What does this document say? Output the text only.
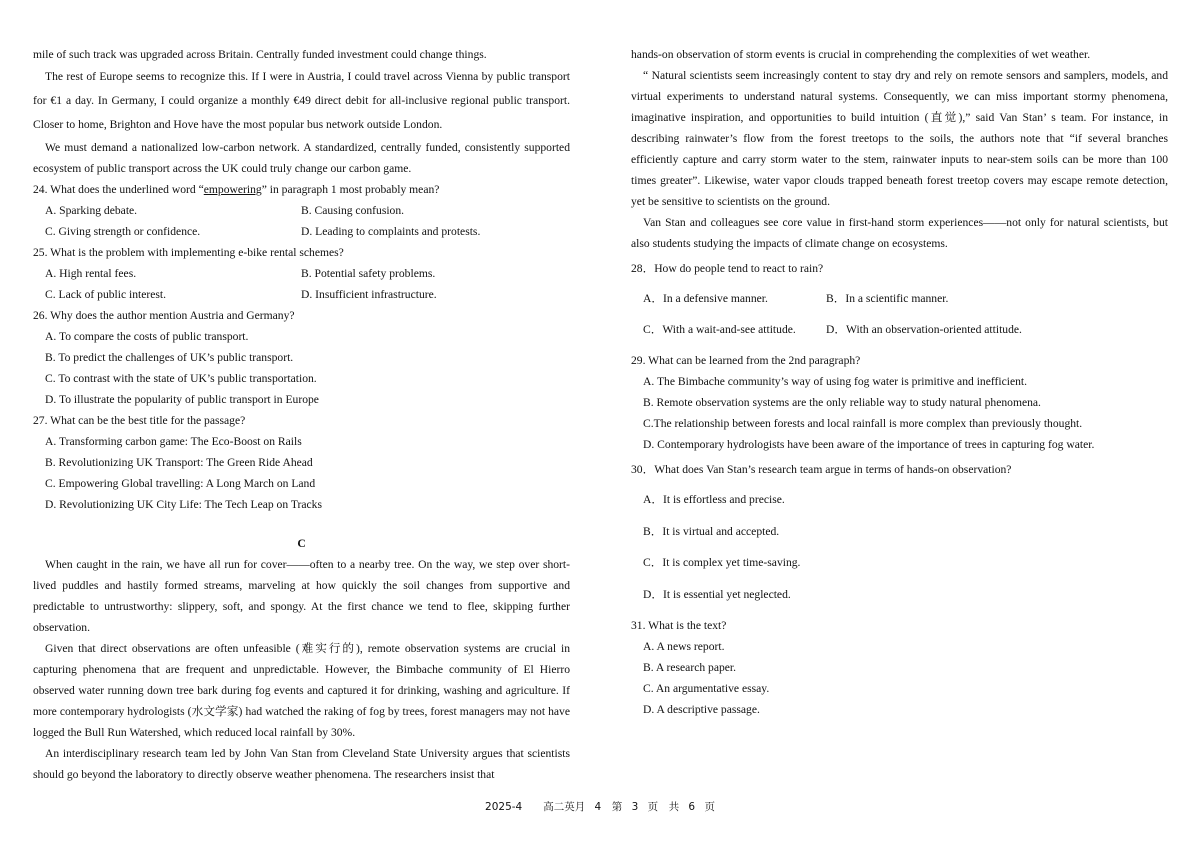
mile of such track was upgraded across Britain. Centrally funded investment could change things.

The rest of Europe seems to recognize this. If I were in Austria, I could travel across Vienna by public transport for €1 a day. In Germany, I could organize a monthly €49 direct debit for all-inclusive regional public transport. Closer to home, Brighton and Hove have the most popular bus network outside London.

We must demand a nationalized low-carbon network. A standardized, centrally funded, consistently supported ecosystem of public transport across the UK could truly change our carbon game.

24. What does the underlined word “empowering” in paragraph 1 most probably mean?

A. Sparking debate.	B. Causing confusion.
C. Giving strength or confidence.	D. Leading to complaints and protests.

25. What is the problem with implementing e-bike rental schemes?

A. High rental fees.	B. Potential safety problems.
C. Lack of public interest.	D. Insufficient infrastructure.

26. Why does the author mention Austria and Germany?

A. To compare the costs of public transport.

B. To predict the challenges of UK’s public transport.

C. To contrast with the state of UK’s public transportation.

D. To illustrate the popularity of public transport in Europe

27. What can be the best title for the passage?

A. Transforming carbon game: The Eco-Boost on Rails

B. Revolutionizing UK Transport: The Green Ride Ahead

C. Empowering Global travelling: A Long March on Land

D. Revolutionizing UK City Life: The Tech Leap on Tracks

C

When caught in the rain, we have all run for cover——often to a nearby tree. On the way, we step over short-lived puddles and hastily formed streams, marveling at how quickly the soil changes from supportive and predictable to untrustworthy: slippery, soft, and spongy. At the first chance we tend to flee, skipping further observation.

Given that direct observations are often unfeasible (难实行的), remote observation systems are crucial in capturing phenomena that are frequent and unpredictable. However, the Bimbache community of El Hierro observed water running down tree bark during fog events and captured it for drinking, washing and agriculture. If more contemporary hydrologists (水文学家) had watched the raking of fog by trees, forest managers may not have logged the Bull Run Watershed, which reduced local rainfall by 30%.

An interdisciplinary research team led by John Van Stan from Cleveland State University argues that scientists should go beyond the laboratory to directly observe weather phenomena. The researchers insist that

hands-on observation of storm events is crucial in comprehending the complexities of wet weather.

“ Natural scientists seem increasingly content to stay dry and rely on remote sensors and samplers, models, and virtual experiments to understand natural systems. Consequently, we can miss important stormy phenomena, imaginative inspiration, and opportunities to build intuition (直觉),” said Van Stan’ s team. For instance, in describing rainwater’s flow from the forest treetops to the soils, the authors note that “if several branches efficiently capture and carry storm water to the stem, rainwater inputs to near-stem soils can be more than 100 times greater”. Likewise, water vapor clouds trapped beneath forest treetop covers may escape remote detection, yet be sensitive to scientists on the ground.

Van Stan and colleagues see core value in first-hand storm experiences——not only for natural scientists, but also students studying the impacts of climate change on ecosystems.

28．How do people tend to react to rain?

A．In a defensive manner.	B．In a scientific manner.
C．With a wait-and-see attitude.	D．With an observation-oriented attitude.

29. What can be learned from the 2nd paragraph?

A. The Bimbache community’s way of using fog water is primitive and inefficient.

B. Remote observation systems are the only reliable way to study natural phenomena.

C.The relationship between forests and local rainfall is more complex than previously thought.

D. Contemporary hydrologists have been aware of the importance of trees in capturing fog water.

30．What does Van Stan’s research team argue in terms of hands-on observation?

A．It is effortless and precise.

B．It is virtual and accepted.

C．It is complex yet time-saving.

D．It is essential yet neglected.

31. What is the text?

A. A news report.

B. A research paper.

C. An argumentative essay.

D. A descriptive passage.

2025-4　　高二英月 4　第 3 页　共 6 页
